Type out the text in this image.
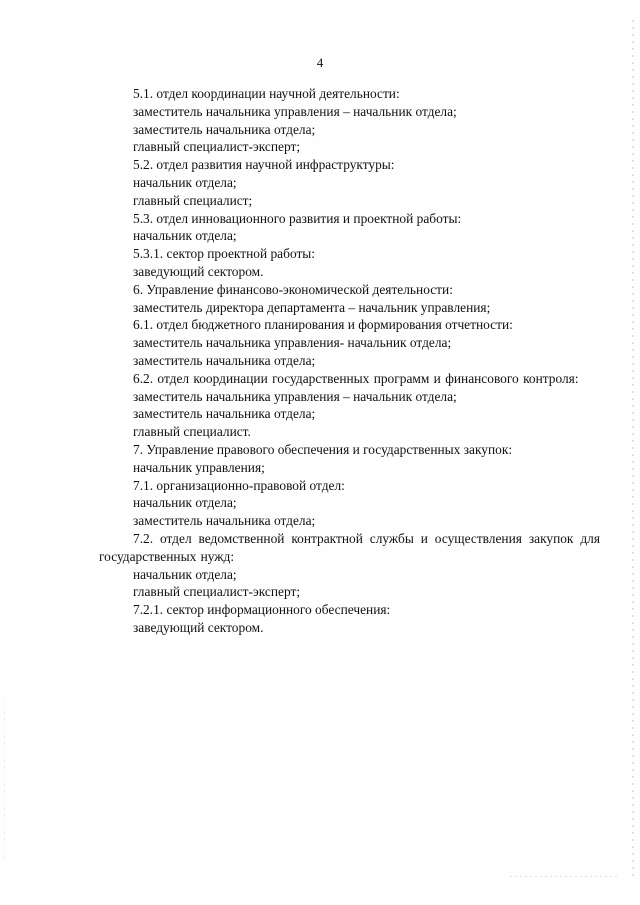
4
5.1. отдел координации научной деятельности:
заместитель начальника управления – начальник отдела;
заместитель начальника отдела;
главный специалист-эксперт;
5.2. отдел развития научной инфраструктуры:
начальник отдела;
главный специалист;
5.3. отдел инновационного развития и проектной работы:
начальник отдела;
5.3.1. сектор проектной работы:
заведующий сектором.
6. Управление финансово-экономической деятельности:
заместитель директора департамента – начальник управления;
6.1. отдел бюджетного планирования и формирования отчетности:
заместитель начальника управления- начальник отдела;
заместитель начальника отдела;
6.2. отдел координации государственных программ и финансового контроля:
заместитель начальника управления – начальник отдела;
заместитель начальника отдела;
главный специалист.
7. Управление правового обеспечения и государственных закупок:
начальник управления;
7.1. организационно-правовой отдел:
начальник отдела;
заместитель начальника отдела;
7.2. отдел ведомственной контрактной службы и осуществления закупок для государственных нужд:
начальник отдела;
главный специалист-эксперт;
7.2.1. сектор информационного обеспечения:
заведующий сектором.
